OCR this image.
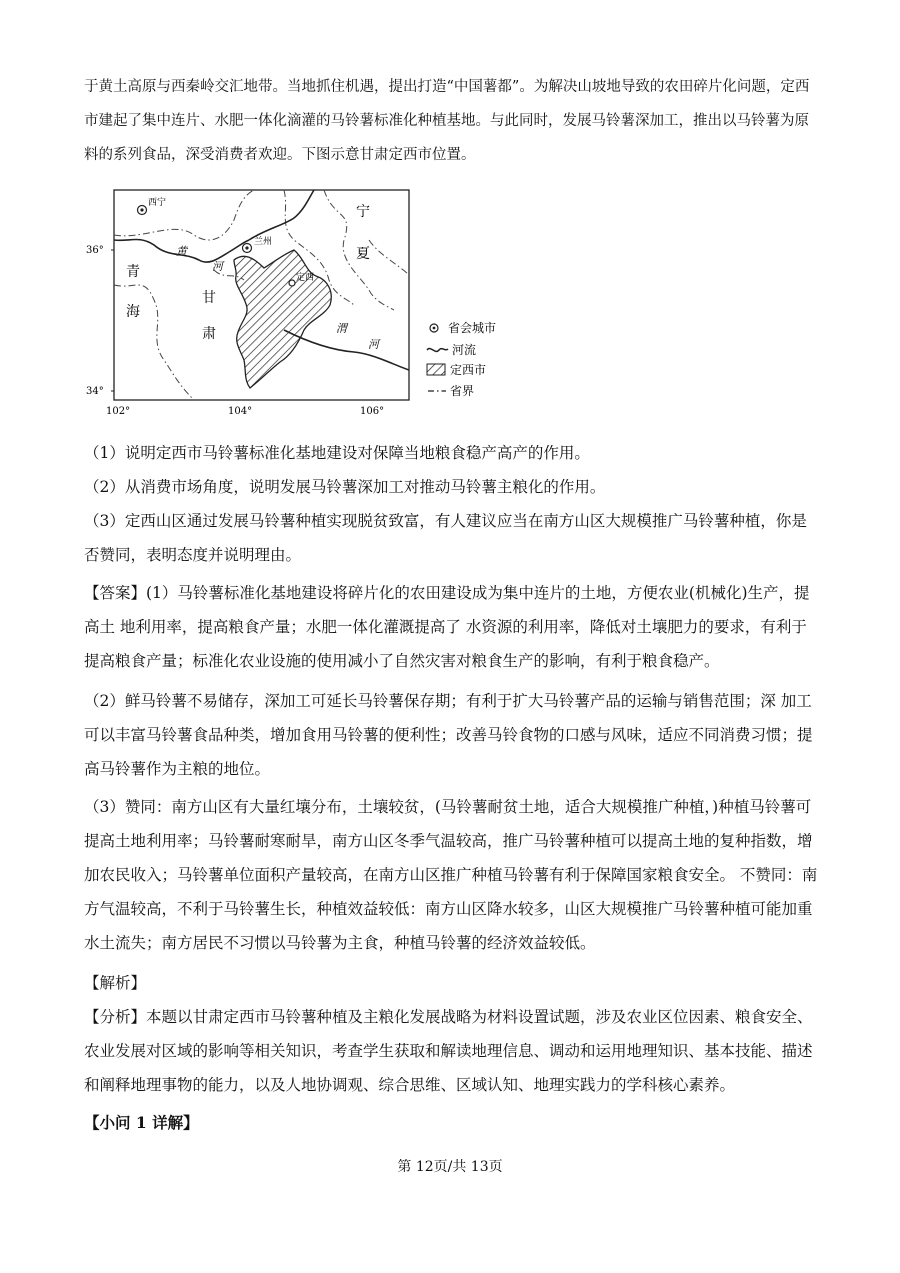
于黄土高原与西秦岭交汇地带。当地抓住机遇，提出打造“中国薯都”。为解决山坡地导致的农田碎片化问题，定西市建起了集中连片、水肥一体化滴灌的马铃薯标准化种植基地。与此同时，发展马铃薯深加工，推出以马铃薯为原料的系列食品，深受消费者欢迎。下图示意甘肃定西市位置。

36°
34°
102°	104°	106°
西宁
兰州
定西
宁
夏
青
海
甘
肃
黄
河
渭
河
省会城市
河流
定西市
省界

（1）说明定西市马铃薯标准化基地建设对保障当地粮食稳产高产的作用。

（2）从消费市场角度，说明发展马铃薯深加工对推动马铃薯主粮化的作用。

（3）定西山区通过发展马铃薯种植实现脱贫致富，有人建议应当在南方山区大规模推广马铃薯种植，你是否赞同，表明态度并说明理由。

【答案】(1）马铃薯标准化基地建设将碎片化的农田建设成为集中连片的土地，方便农业(机械化)生产，提高土 地利用率，提高粮食产量；水肥一体化灌溉提高了 水资源的利用率，降低对土壤肥力的要求，有利于提高粮食产量；标准化农业设施的使用减小了自然灾害对粮食生产的影响，有利于粮食稳产。

（2）鲜马铃薯不易储存，深加工可延长马铃薯保存期；有利于扩大马铃薯产品的运输与销售范围；深 加工可以丰富马铃薯食品种类，增加食用马铃薯的便利性；改善马铃食物的口感与风味，适应不同消费习惯；提高马铃薯作为主粮的地位。

（3）赞同：南方山区有大量红壤分布，土壤较贫，(马铃薯耐贫土地，适合大规模推广种植，)种植马铃薯可 提高土地利用率；马铃薯耐寒耐旱，南方山区冬季气温较高，推广马铃薯种植可以提高土地的复种指数，增加农民收入；马铃薯单位面积产量较高，在南方山区推广种植马铃薯有利于保障国家粮食安全。 不赞同：南方气温较高，不利于马铃薯生长，种植效益较低：南方山区降水较多，山区大规模推广马铃薯种植可能加重水土流失；南方居民不习惯以马铃薯为主食，种植马铃薯的经济效益较低。

【解析】

【分析】本题以甘肃定西市马铃薯种植及主粮化发展战略为材料设置试题，涉及农业区位因素、粮食安全、农业发展对区域的影响等相关知识，考查学生获取和解读地理信息、调动和运用地理知识、基本技能、描述和阐释地理事物的能力，以及人地协调观、综合思维、区域认知、地理实践力的学科核心素养。

【小问 1 详解】

第 12页/共 13页
